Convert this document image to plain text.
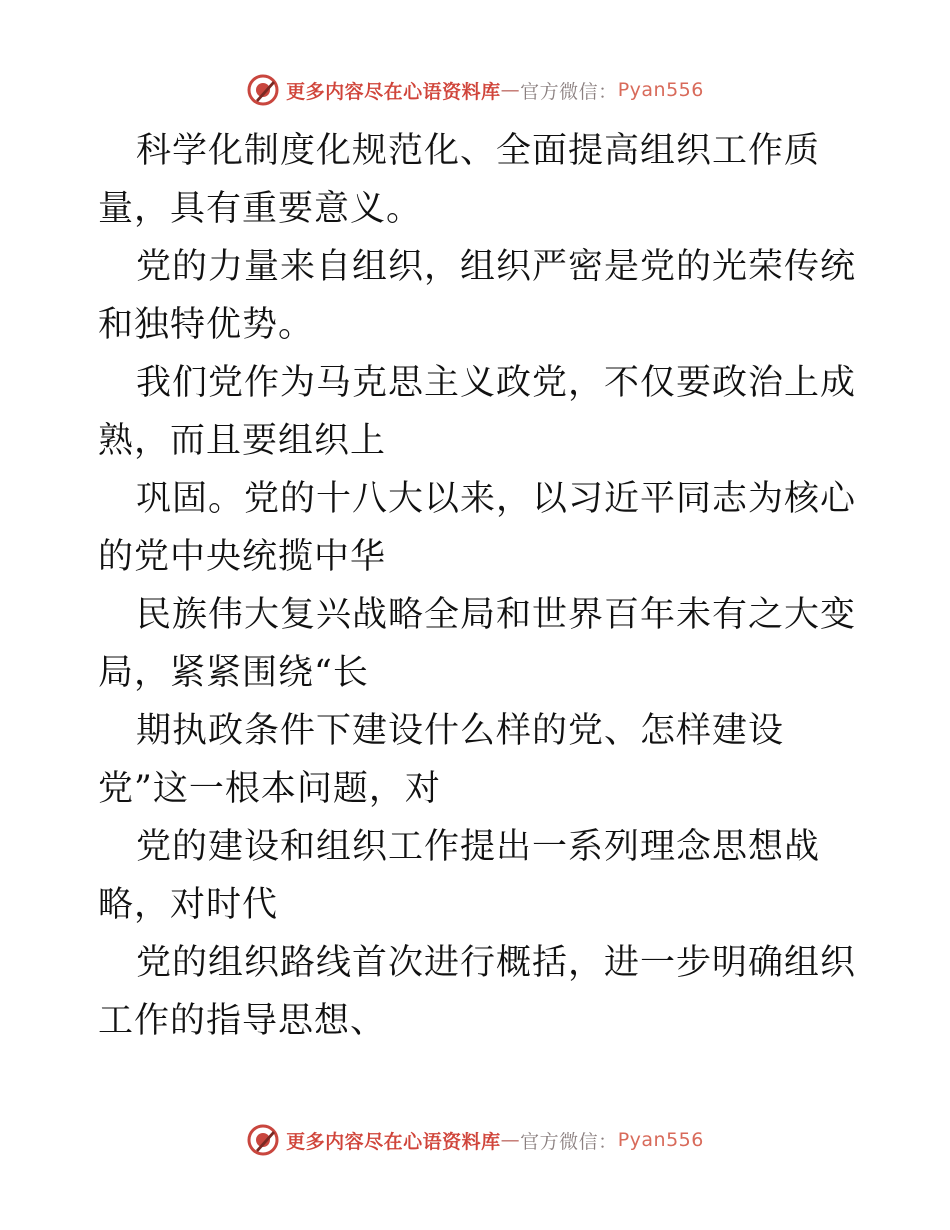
更多内容尽在心语资料库 — 官方微信： Pyan556

科学化制度化规范化、全面提高组织工作质量，具有重要意义。

党的力量来自组织，组织严密是党的光荣传统和独特优势。

我们党作为马克思主义政党，不仅要政治上成熟，而且要组织上

巩固。党的十八大以来，以习近平同志为核心的党中央统揽中华

民族伟大复兴战略全局和世界百年未有之大变局，紧紧围绕“长

期执政条件下建设什么样的党、怎样建设党”这一根本问题，对

党的建设和组织工作提出一系列理念思想战略，对时代

党的组织路线首次进行概括，进一步明确组织工作的指导思想、

更多内容尽在心语资料库 — 官方微信： Pyan556
